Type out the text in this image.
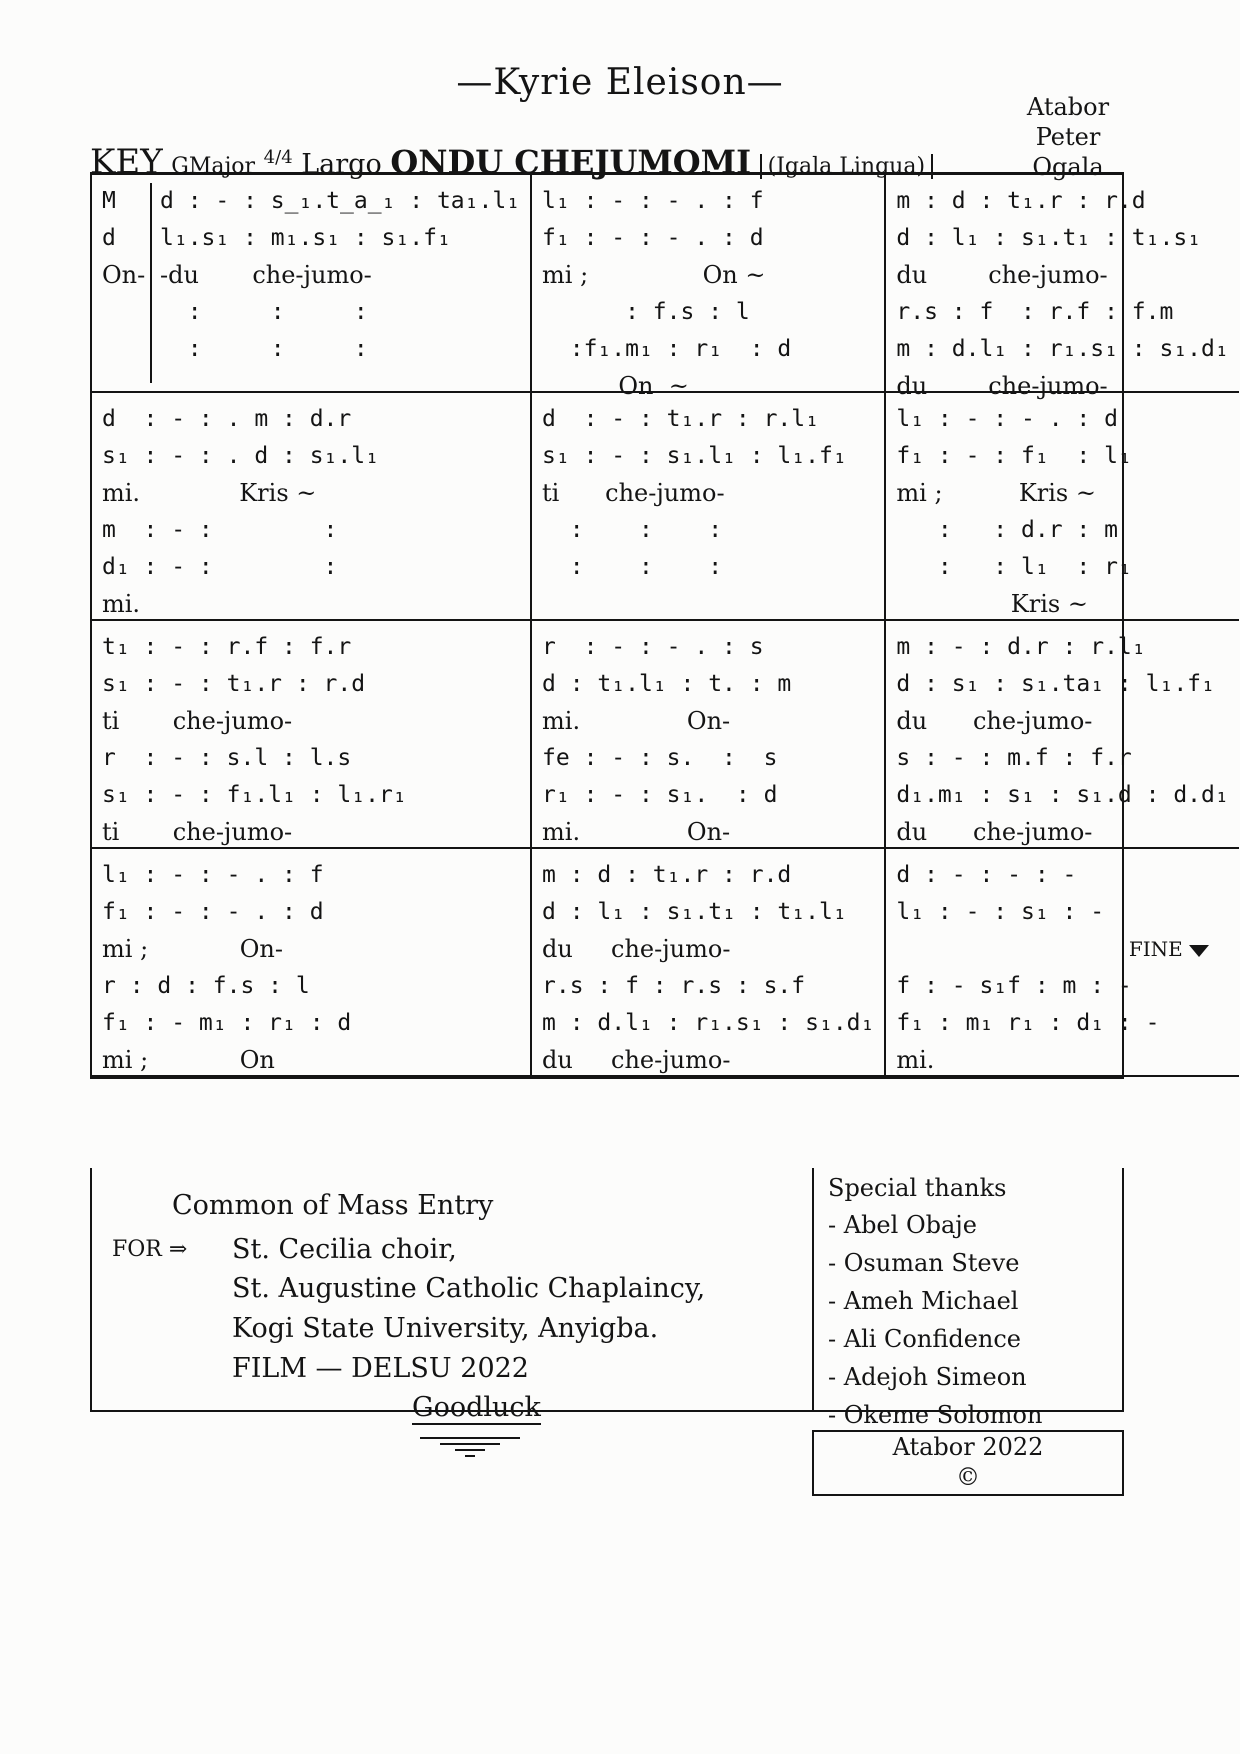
—Kyrie Eleison—
Atabor
Peter
Ogala
KEY GMajor $^{4/4}$ Largo ONDU CHEJUMOMI (Igala Lingua)
M
d
On-
d : - : s̲₁.t̲a̲₁ : ta₁.l₁
l₁.s₁ : m₁.s₁ : s₁.f₁
-du       che-jumo-
:     :     :
:     :     :
l₁ : - : - . : f
f₁ : - : - . : d
mi ;               On ~
: f.s : l
:f₁.m₁ : r₁  : d
On  ~
m : d : t₁.r : r.d
d : l₁ : s₁.t₁ : t₁.s₁
du        che-jumo-
r.s : f  : r.f : f.m
m : d.l₁ : r₁.s₁ : s₁.d₁
du        che-jumo-
d  : - : . m : d.r
s₁ : - : . d : s₁.l₁
mi.             Kris ~
m  : - :        :
d₁ : - :        :
mi.
d  : - : t₁.r : r.l₁
s₁ : - : s₁.l₁ : l₁.f₁
ti      che-jumo-
:    :    :
:    :    :
l₁ : - : - . : d
f₁ : - : f₁  : l₁
mi ;          Kris ~
:   : d.r : m
:   : l₁  : r₁
Kris ~
t₁ : - : r.f : f.r
s₁ : - : t₁.r : r.d
ti       che-jumo-
r  : - : s.l : l.s
s₁ : - : f₁.l₁ : l₁.r₁
ti       che-jumo-
r  : - : - . : s
d : t₁.l₁ : t. : m
mi.              On-
fe : - : s.  :  s
r₁ : - : s₁.  : d
mi.              On-
m : - : d.r : r.l₁
d : s₁ : s₁.ta₁ : l₁.f₁
du      che-jumo-
s : - : m.f : f.r
d₁.m₁ : s₁ : s₁.d : d.d₁
du      che-jumo-
l₁ : - : - . : f
f₁ : - : - . : d
mi ;            On-
r : d : f.s : l
f₁ : - m₁ : r₁ : d
mi ;            On
m : d : t₁.r : r.d
d : l₁ : s₁.t₁ : t₁.l₁
du     che-jumo-
r.s : f : r.s : s.f
m : d.l₁ : r₁.s₁ : s₁.d₁
du     che-jumo-
d : - : - : -
l₁ : - : s₁ : -
FINE
f : - s₁f : m : -
f₁ : m₁ r₁ : d₁ : -
mi.
Common of Mass Entry
FOR ⇒	St. Cecilia choir,
St. Augustine Catholic Chaplaincy,
Kogi State University, Anyigba.
FILM — DELSU 2022
Goodluck
Special thanks
- Abel Obaje
- Osuman Steve
- Ameh Michael
- Ali Confidence
- Adejoh Simeon
- Okeme Solomon
Atabor 2022
©
